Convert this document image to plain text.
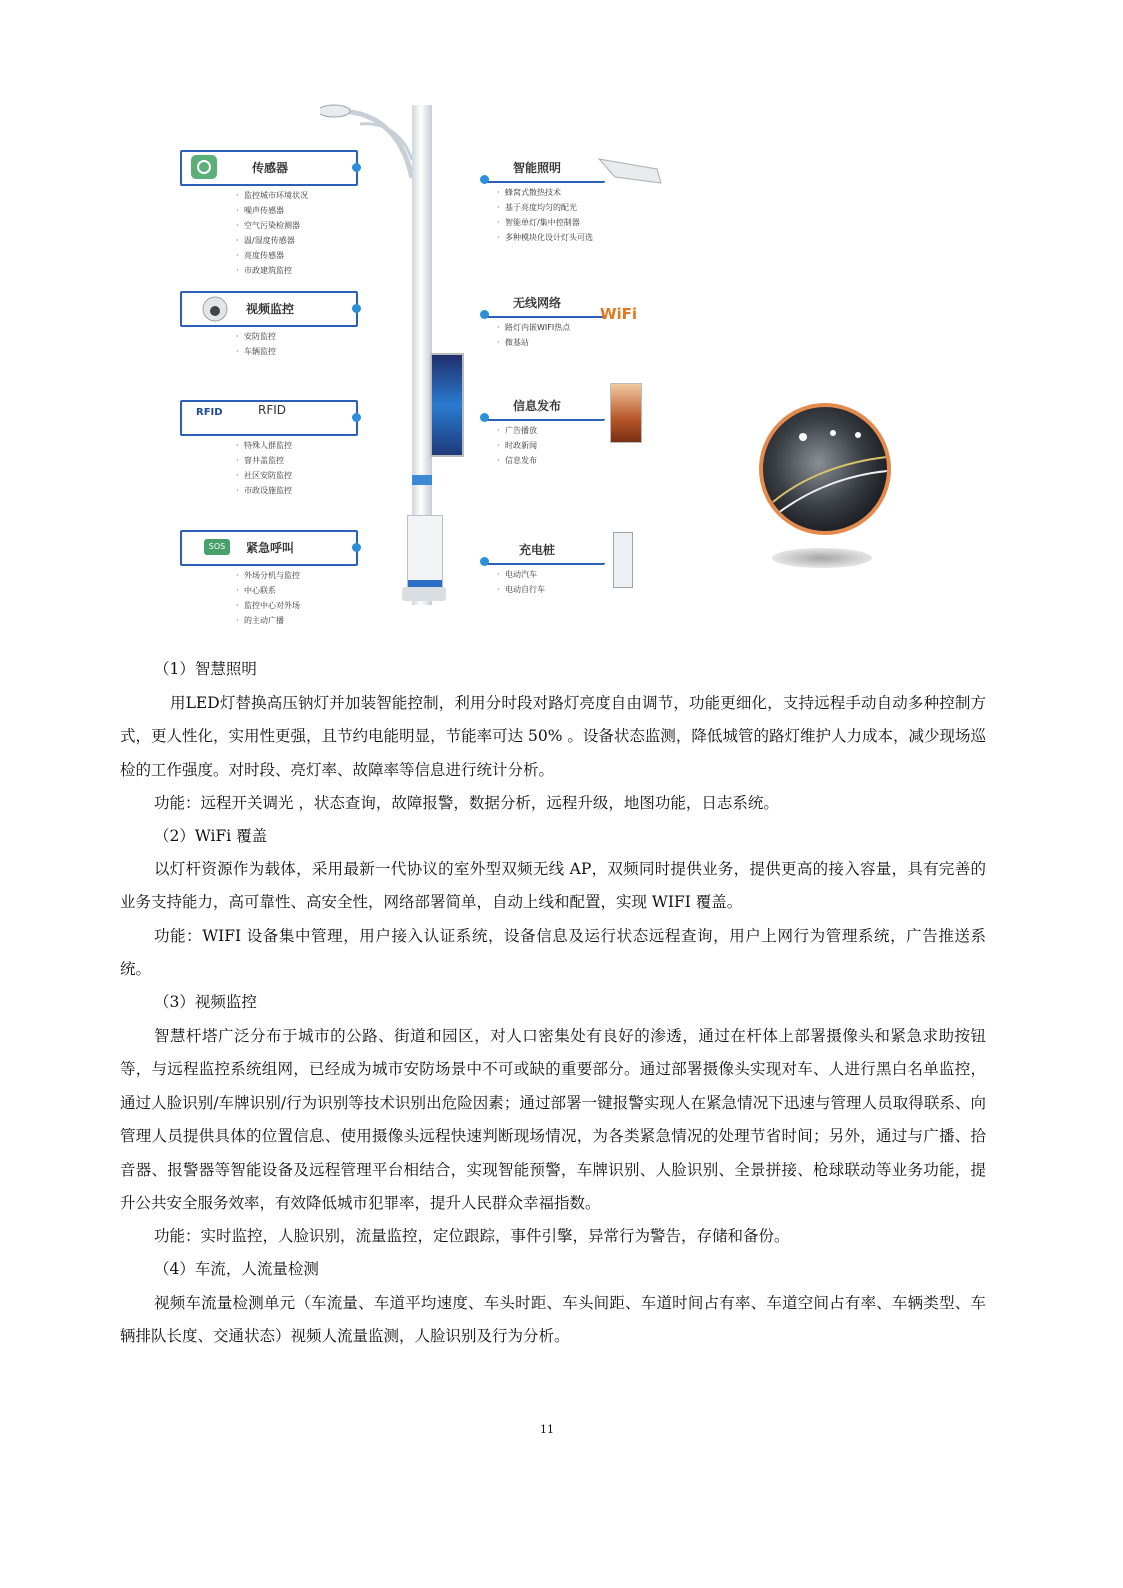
传感器
· 监控城市环境状况
· 噪声传感器
· 空气污染检测器
· 温/湿度传感器
· 亮度传感器
· 市政建筑监控
视频监控
· 安防监控
· 车辆监控
RFID	RFID
· 特殊人群监控
· 窨井盖监控
· 社区安防监控
· 市政设施监控
SOS	紧急呼叫
· 外场分机与监控
· 中心联系
· 监控中心对外场
· 的主动广播
智能照明
· 蜂窝式散热技术
· 基于亮度均匀的配光
· 智能单灯/集中控制器
· 多种模块化设计灯头可选
无线网络
· 路灯内嵌WIFI热点
· 微基站
WiFi
信息发布
· 广告播放
· 时政新闻
· 信息发布
充电桩
· 电动汽车
· 电动自行车
（1）智慧照明
用LED灯替换高压钠灯并加装智能控制，利用分时段对路灯亮度自由调节，功能更细化，支持远程手动自动多种控制方式，更人性化，实用性更强，且节约电能明显，节能率可达 50% 。设备状态监测，降低城管的路灯维护人力成本，减少现场巡检的工作强度。对时段、亮灯率、故障率等信息进行统计分析。
功能：远程开关调光 ，状态查询，故障报警，数据分析，远程升级，地图功能，日志系统。
（2）WiFi 覆盖
以灯杆资源作为载体，采用最新一代协议的室外型双频无线 AP，双频同时提供业务，提供更高的接入容量，具有完善的业务支持能力，高可靠性、高安全性，网络部署简单，自动上线和配置，实现 WIFI 覆盖。
功能：WIFI 设备集中管理，用户接入认证系统，设备信息及运行状态远程查询，用户上网行为管理系统，广告推送系统。
（3）视频监控
智慧杆塔广泛分布于城市的公路、街道和园区，对人口密集处有良好的渗透，通过在杆体上部署摄像头和紧急求助按钮等，与远程监控系统组网，已经成为城市安防场景中不可或缺的重要部分。通过部署摄像头实现对车、人进行黑白名单监控，通过人脸识别/车牌识别/行为识别等技术识别出危险因素；通过部署一键报警实现人在紧急情况下迅速与管理人员取得联系、向管理人员提供具体的位置信息、使用摄像头远程快速判断现场情况，为各类紧急情况的处理节省时间；另外，通过与广播、拾音器、报警器等智能设备及远程管理平台相结合，实现智能预警，车牌识别、人脸识别、全景拼接、枪球联动等业务功能，提升公共安全服务效率，有效降低城市犯罪率，提升人民群众幸福指数。
功能：实时监控，人脸识别，流量监控，定位跟踪，事件引擎，异常行为警告，存储和备份。
（4）车流，人流量检测
视频车流量检测单元（车流量、车道平均速度、车头时距、车头间距、车道时间占有率、车道空间占有率、车辆类型、车辆排队长度、交通状态）视频人流量监测，人脸识别及行为分析。
11
